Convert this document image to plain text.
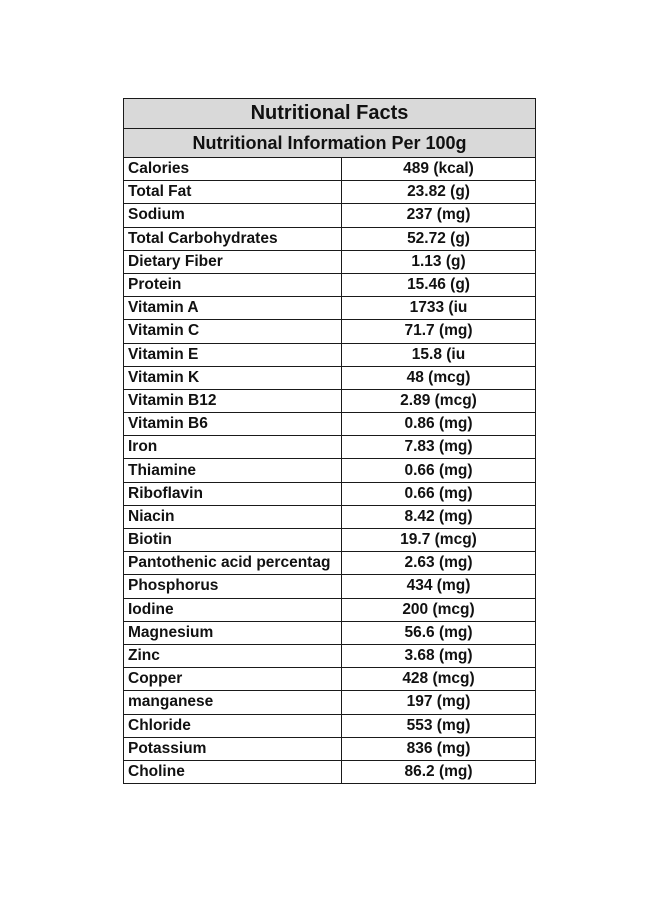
Nutritional Facts	
Nutritional Information Per 100g	
Calories	489 (kcal)
Total Fat	23.82 (g)
Sodium	237 (mg)
Total Carbohydrates	52.72 (g)
Dietary Fiber	1.13 (g)
Protein	15.46 (g)
Vitamin A	1733 (iu
Vitamin C	71.7 (mg)
Vitamin E	15.8 (iu
Vitamin K	48 (mcg)
Vitamin B12	2.89 (mcg)
Vitamin B6	0.86 (mg)
Iron	7.83 (mg)
Thiamine	0.66 (mg)
Riboflavin	0.66 (mg)
Niacin	8.42 (mg)
Biotin	19.7 (mcg)
Pantothenic acid percentag	2.63 (mg)
Phosphorus	434 (mg)
Iodine	200 (mcg)
Magnesium	56.6 (mg)
Zinc	3.68 (mg)
Copper	428 (mcg)
manganese	197 (mg)
Chloride	553 (mg)
Potassium	836 (mg)
Choline	86.2 (mg)
